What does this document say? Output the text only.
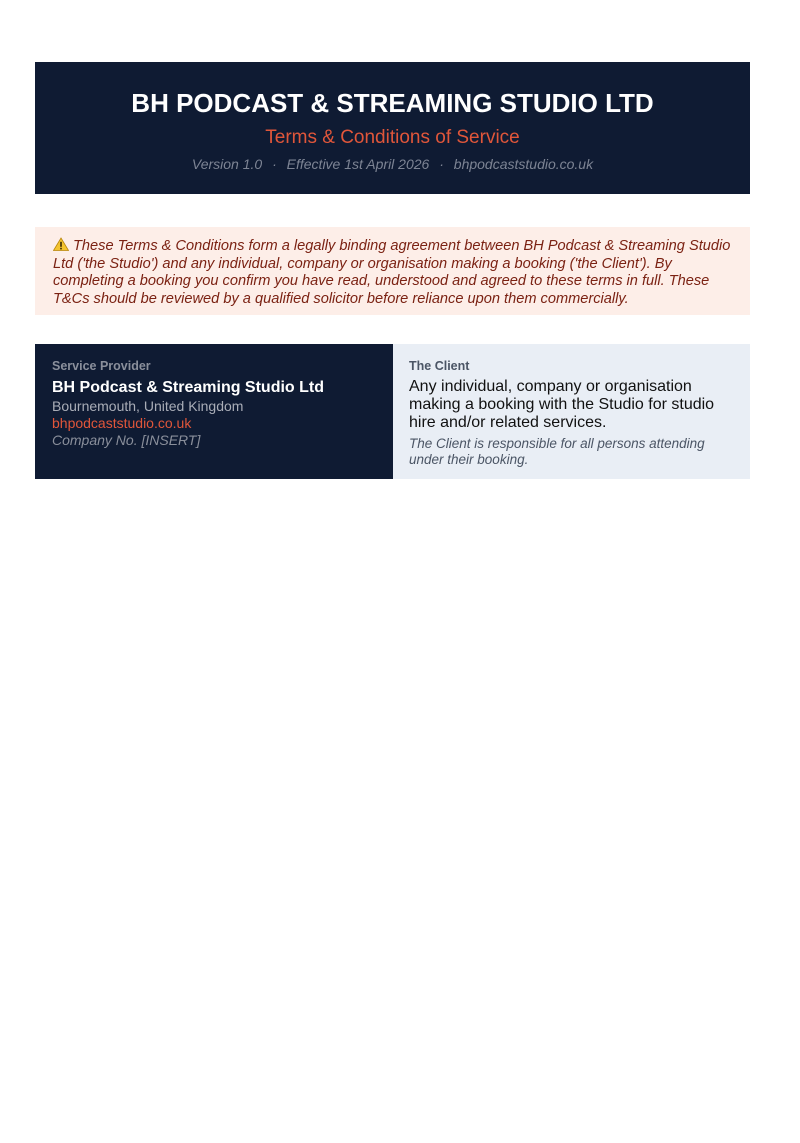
BH PODCAST & STREAMING STUDIO LTD
Terms & Conditions of Service
Version 1.0 · Effective 1st April 2026 · bhpodcaststudio.co.uk
These Terms & Conditions form a legally binding agreement between BH Podcast & Streaming Studio Ltd ('the Studio') and any individual, company or organisation making a booking ('the Client'). By completing a booking you confirm you have read, understood and agreed to these terms in full. These T&Cs should be reviewed by a qualified solicitor before reliance upon them commercially.
Service Provider
BH Podcast & Streaming Studio Ltd
Bournemouth, United Kingdom
bhpodcaststudio.co.uk
Company No. [INSERT]
The Client
Any individual, company or organisation making a booking with the Studio for studio hire and/or related services.
The Client is responsible for all persons attending under their booking.
